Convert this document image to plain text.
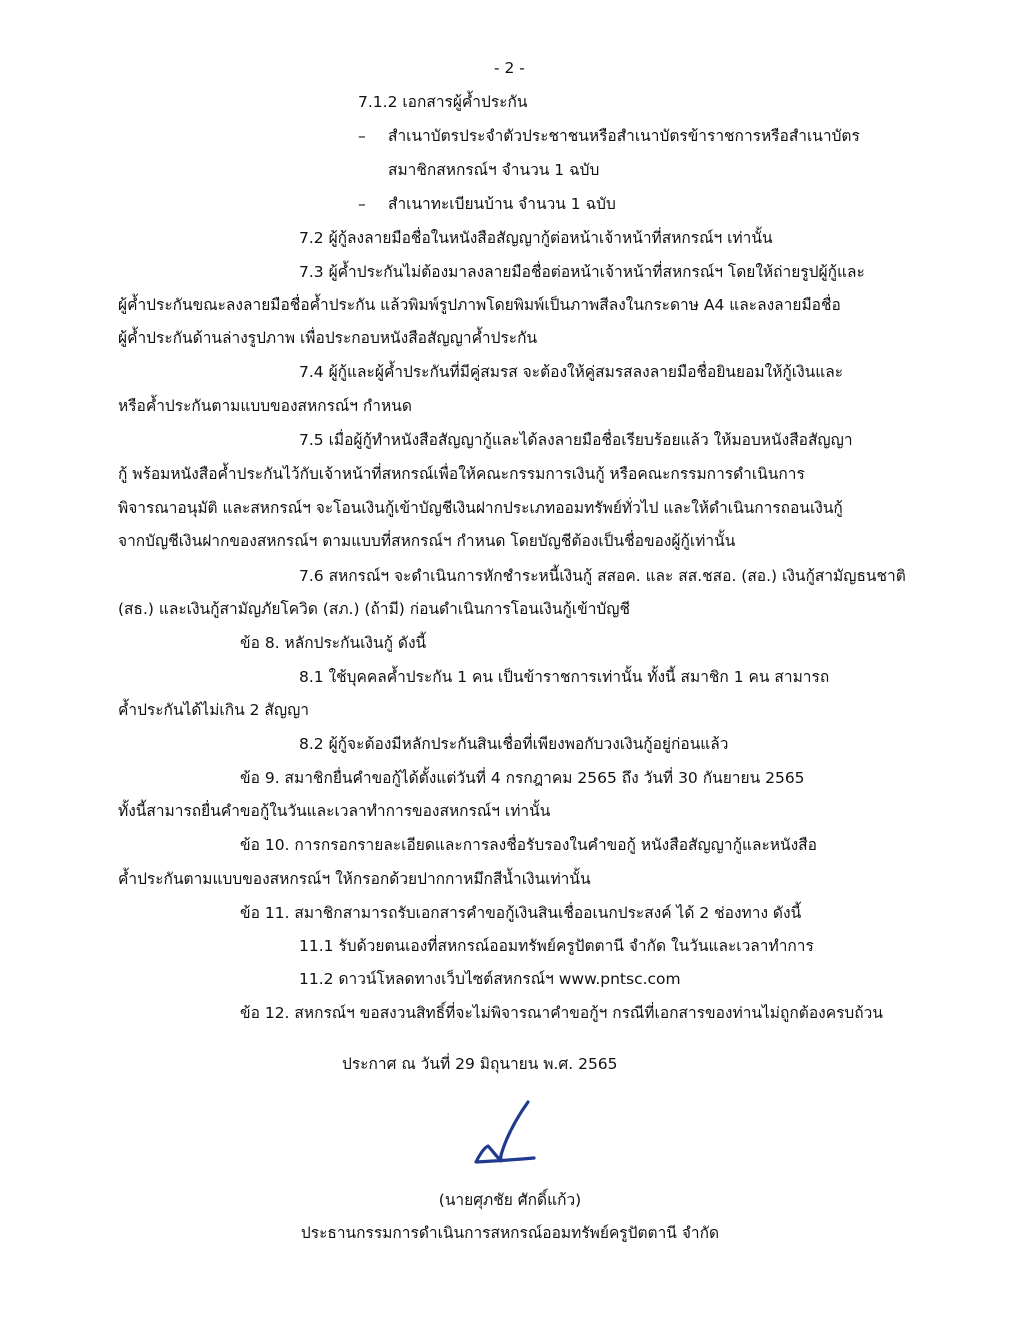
- 2 -
7.1.2 เอกสารผู้ค้ำประกัน
– สำเนาบัตรประจำตัวประชาชนหรือสำเนาบัตรข้าราชการหรือสำเนาบัตร
สมาชิกสหกรณ์ฯ จำนวน 1 ฉบับ
– สำเนาทะเบียนบ้าน จำนวน 1 ฉบับ
7.2 ผู้กู้ลงลายมือชื่อในหนังสือสัญญากู้ต่อหน้าเจ้าหน้าที่สหกรณ์ฯ เท่านั้น
7.3 ผู้ค้ำประกันไม่ต้องมาลงลายมือชื่อต่อหน้าเจ้าหน้าที่สหกรณ์ฯ โดยให้ถ่ายรูปผู้กู้และ
ผู้ค้ำประกันขณะลงลายมือชื่อค้ำประกัน แล้วพิมพ์รูปภาพโดยพิมพ์เป็นภาพสีลงในกระดาษ A4 และลงลายมือชื่อ
ผู้ค้ำประกันด้านล่างรูปภาพ เพื่อประกอบหนังสือสัญญาค้ำประกัน
7.4 ผู้กู้และผู้ค้ำประกันที่มีคู่สมรส จะต้องให้คู่สมรสลงลายมือชื่อยินยอมให้กู้เงินและ
หรือค้ำประกันตามแบบของสหกรณ์ฯ กำหนด
7.5 เมื่อผู้กู้ทำหนังสือสัญญากู้และได้ลงลายมือชื่อเรียบร้อยแล้ว ให้มอบหนังสือสัญญา
กู้ พร้อมหนังสือค้ำประกันไว้กับเจ้าหน้าที่สหกรณ์เพื่อให้คณะกรรมการเงินกู้ หรือคณะกรรมการดำเนินการ
พิจารณาอนุมัติ และสหกรณ์ฯ จะโอนเงินกู้เข้าบัญชีเงินฝากประเภทออมทรัพย์ทั่วไป และให้ดำเนินการถอนเงินกู้
จากบัญชีเงินฝากของสหกรณ์ฯ ตามแบบที่สหกรณ์ฯ กำหนด โดยบัญชีต้องเป็นชื่อของผู้กู้เท่านั้น
7.6 สหกรณ์ฯ จะดำเนินการหักชำระหนี้เงินกู้ สสอค. และ สส.ชสอ. (สอ.) เงินกู้สามัญธนชาติ
(สธ.) และเงินกู้สามัญภัยโควิด (สภ.) (ถ้ามี) ก่อนดำเนินการโอนเงินกู้เข้าบัญชี
ข้อ 8. หลักประกันเงินกู้ ดังนี้
8.1 ใช้บุคคลค้ำประกัน 1 คน เป็นข้าราชการเท่านั้น ทั้งนี้ สมาชิก 1 คน สามารถ
ค้ำประกันได้ไม่เกิน 2 สัญญา
8.2 ผู้กู้จะต้องมีหลักประกันสินเชื่อที่เพียงพอกับวงเงินกู้อยู่ก่อนแล้ว
ข้อ 9. สมาชิกยื่นคำขอกู้ได้ตั้งแต่วันที่ 4 กรกฎาคม 2565 ถึง วันที่ 30 กันยายน 2565
ทั้งนี้สามารถยื่นคำขอกู้ในวันและเวลาทำการของสหกรณ์ฯ เท่านั้น
ข้อ 10. การกรอกรายละเอียดและการลงชื่อรับรองในคำขอกู้ หนังสือสัญญากู้และหนังสือ
ค้ำประกันตามแบบของสหกรณ์ฯ ให้กรอกด้วยปากกาหมึกสีน้ำเงินเท่านั้น
ข้อ 11. สมาชิกสามารถรับเอกสารคำขอกู้เงินสินเชื่ออเนกประสงค์ ได้ 2 ช่องทาง ดังนี้
11.1 รับด้วยตนเองที่สหกรณ์ออมทรัพย์ครูปัตตานี จำกัด ในวันและเวลาทำการ
11.2 ดาวน์โหลดทางเว็บไซต์สหกรณ์ฯ www.pntsc.com
ข้อ 12. สหกรณ์ฯ ขอสงวนสิทธิ์ที่จะไม่พิจารณาคำขอกู้ฯ กรณีที่เอกสารของท่านไม่ถูกต้องครบถ้วน
ประกาศ ณ วันที่ 29 มิถุนายน พ.ศ. 2565
(นายศุภชัย ศักดิ์แก้ว)
ประธานกรรมการดำเนินการสหกรณ์ออมทรัพย์ครูปัตตานี จำกัด
